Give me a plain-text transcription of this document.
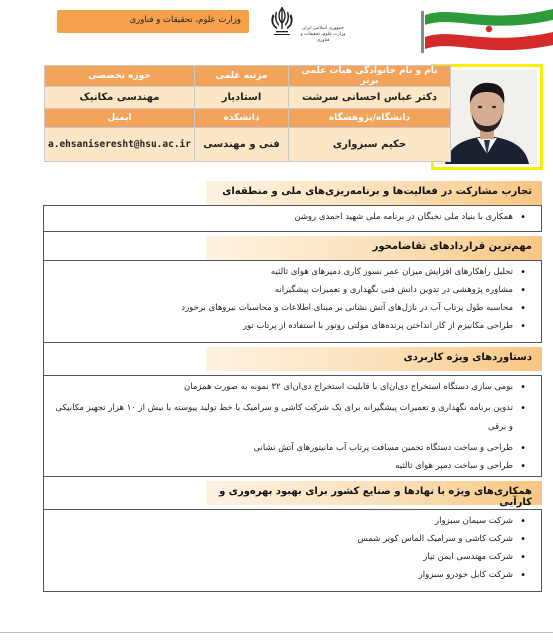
وزارت علوم، تحقیقات و فناوری
جمهوری اسلامی ایران وزارت علوم، تحقیقات و فناوری
نام و نام خانوادگی هیات علمی برتر	مرتبه علمی	حوزه تخصصی
دکتر عباس احسانی سرشت	استادیار	مهندسی مکانیک
دانشگاه/پژوهشگاه	دانشکده	ایمیل
حکیم سبزواری	فنی و مهندسی	a.ehsaniseresht@hsu.ac.ir
تجارب مشارکت در فعالیت‌ها و برنامه‌ریزی‌های ملی و منطقه‌ای
• همکاری با بنیاد ملی نخبگان در برنامه ملی شهید احمدی روشن
مهم‌ترین قراردادهای تقاضامحور
• تحلیل راهکارهای افزایش میزان عمر نسوز کاری دمپرهای هوای ثالثیه
• مشاوره پژوهشی در تدوین دانش فنی نگهداری و تعمیرات پیشگیرانه
• محاسبه طول پرتاب آب در نازل‌های آتش نشانی بر مبنای اطلاعات و محاسبات نیروهای برخورد
• طراحی مکانیزم از کار انداختن پرنده‌های مولتی روتور با استفاده از پرتاب تور
دستاوردهای ویژه کاربردی
• بومی سازی دستگاه استخراج دی‌ان‌ای با قابلیت استخراج دی‌ان‌ای ۳۲ نمونه به صورت همزمان
• تدوین برنامه نگهداری و تعمیرات پیشگیرانه برای یک شرکت کاشی و سرامیک با خط تولید پیوسته با بیش از ۱۰ هزار تجهیز مکانیکی و برقی
• طراحی و ساخت دستگاه تخمین مسافت پرتاب آب مانیتورهای آتش نشانی
• طراحی و ساخت دمپر هوای ثالثیه
همکاری‌های ویژه با نهادها و صنایع کشور برای بهبود بهره‌وری و کارآیی
• شرکت سیمان سبزوار
• شرکت کاشی و سرامیک الماس کویر شمس
• شرکت مهندسی ایمن تیار
• شرکت کابل خودرو سبزوار
